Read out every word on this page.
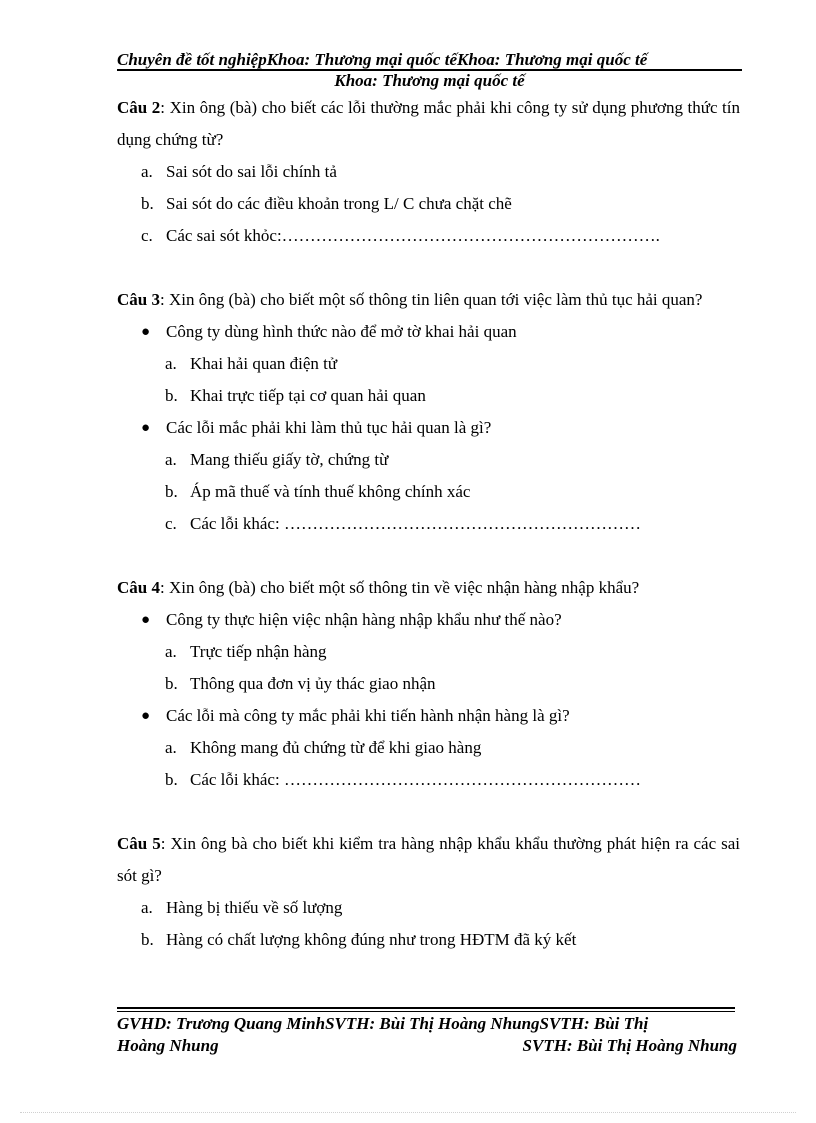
Chuyên đề tốt nghiệpKhoa: Thương mại quốc tếKhoa: Thương mại quốc tế
Khoa: Thương mại quốc tế

Câu 2: Xin ông (bà) cho biết các lỗi thường mắc phải khi công ty sử dụng phương thức tín dụng chứng từ?

a. Sai sót do sai lỗi chính tả
b. Sai sót do các điều khoản trong L/ C chưa chặt chẽ
c. Các sai sót khỏc:………………………………………………………….

Câu 3: Xin ông (bà) cho biết một số thông tin liên quan tới việc làm thủ tục hải quan?

● Công ty dùng hình thức nào để mở tờ khai hải quan
a. Khai hải quan điện tử
b. Khai trực tiếp tại cơ quan hải quan
● Các lỗi mắc phải khi làm thủ tục hải quan là gì?
a. Mang thiếu giấy tờ, chứng từ
b. Áp mã thuế và tính thuế không chính xác
c. Các lỗi khác: ………………………………………………………

Câu 4: Xin ông (bà) cho biết một số thông tin về việc nhận hàng nhập khẩu?

● Công ty thực hiện việc nhận hàng nhập khẩu như thế nào?
a. Trực tiếp nhận hàng
b. Thông qua đơn vị ủy thác giao nhận
● Các lỗi mà công ty mắc phải khi tiến hành nhận hàng là gì?
a. Không mang đủ chứng từ để khi giao hàng
b. Các lỗi khác: ………………………………………………………

Câu 5: Xin ông bà cho biết khi kiểm tra hàng nhập khẩu khẩu thường phát hiện ra các sai sót gì?

a. Hàng bị thiếu về số lượng
b. Hàng có chất lượng không đúng như trong HĐTM đã ký kết
GVHD: Trương Quang MinhSVTH: Bùi Thị Hoàng NhungSVTH: Bùi Thị
Hoàng Nhung	SVTH: Bùi Thị Hoàng Nhung
